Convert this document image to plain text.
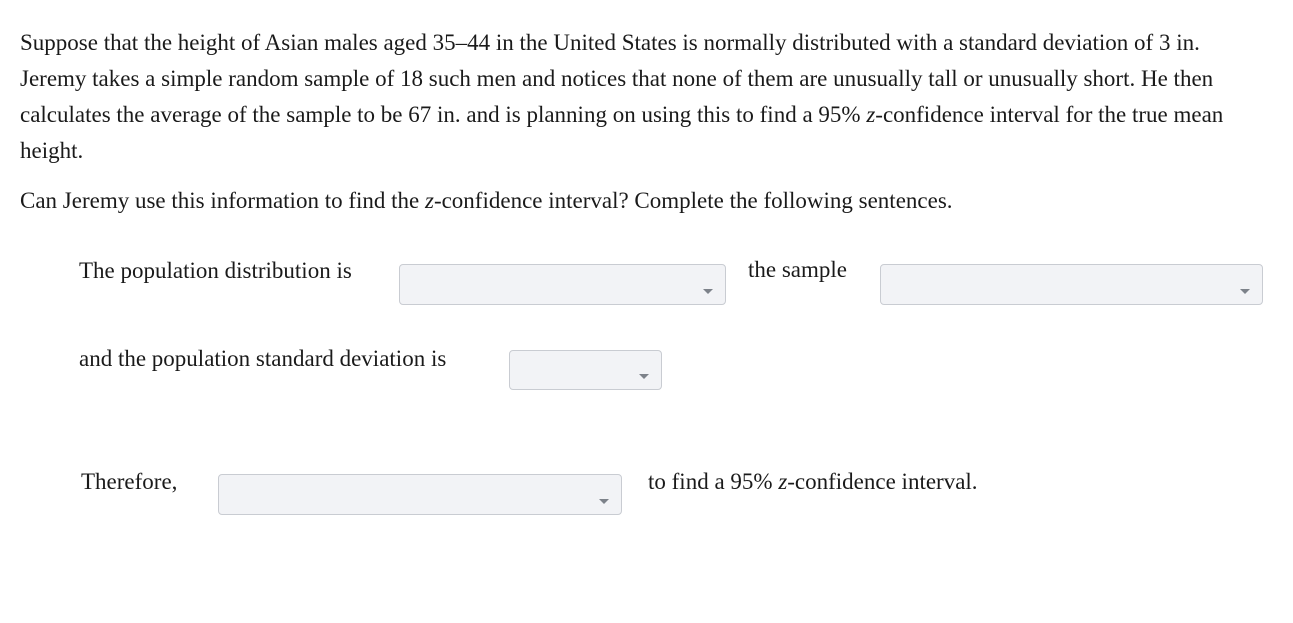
Suppose that the height of Asian males aged 35–44 in the United States is normally distributed with a standard deviation of 3 in. Jeremy takes a simple random sample of 18 such men and notices that none of them are unusually tall or unusually short. He then calculates the average of the sample to be 67 in. and is planning on using this to find a 95% z-confidence interval for the true mean height.

Can Jeremy use this information to find the z-confidence interval? Complete the following sentences.

The population distribution is	the sample
and the population standard deviation is
Therefore,	to find a 95% z-confidence interval.
